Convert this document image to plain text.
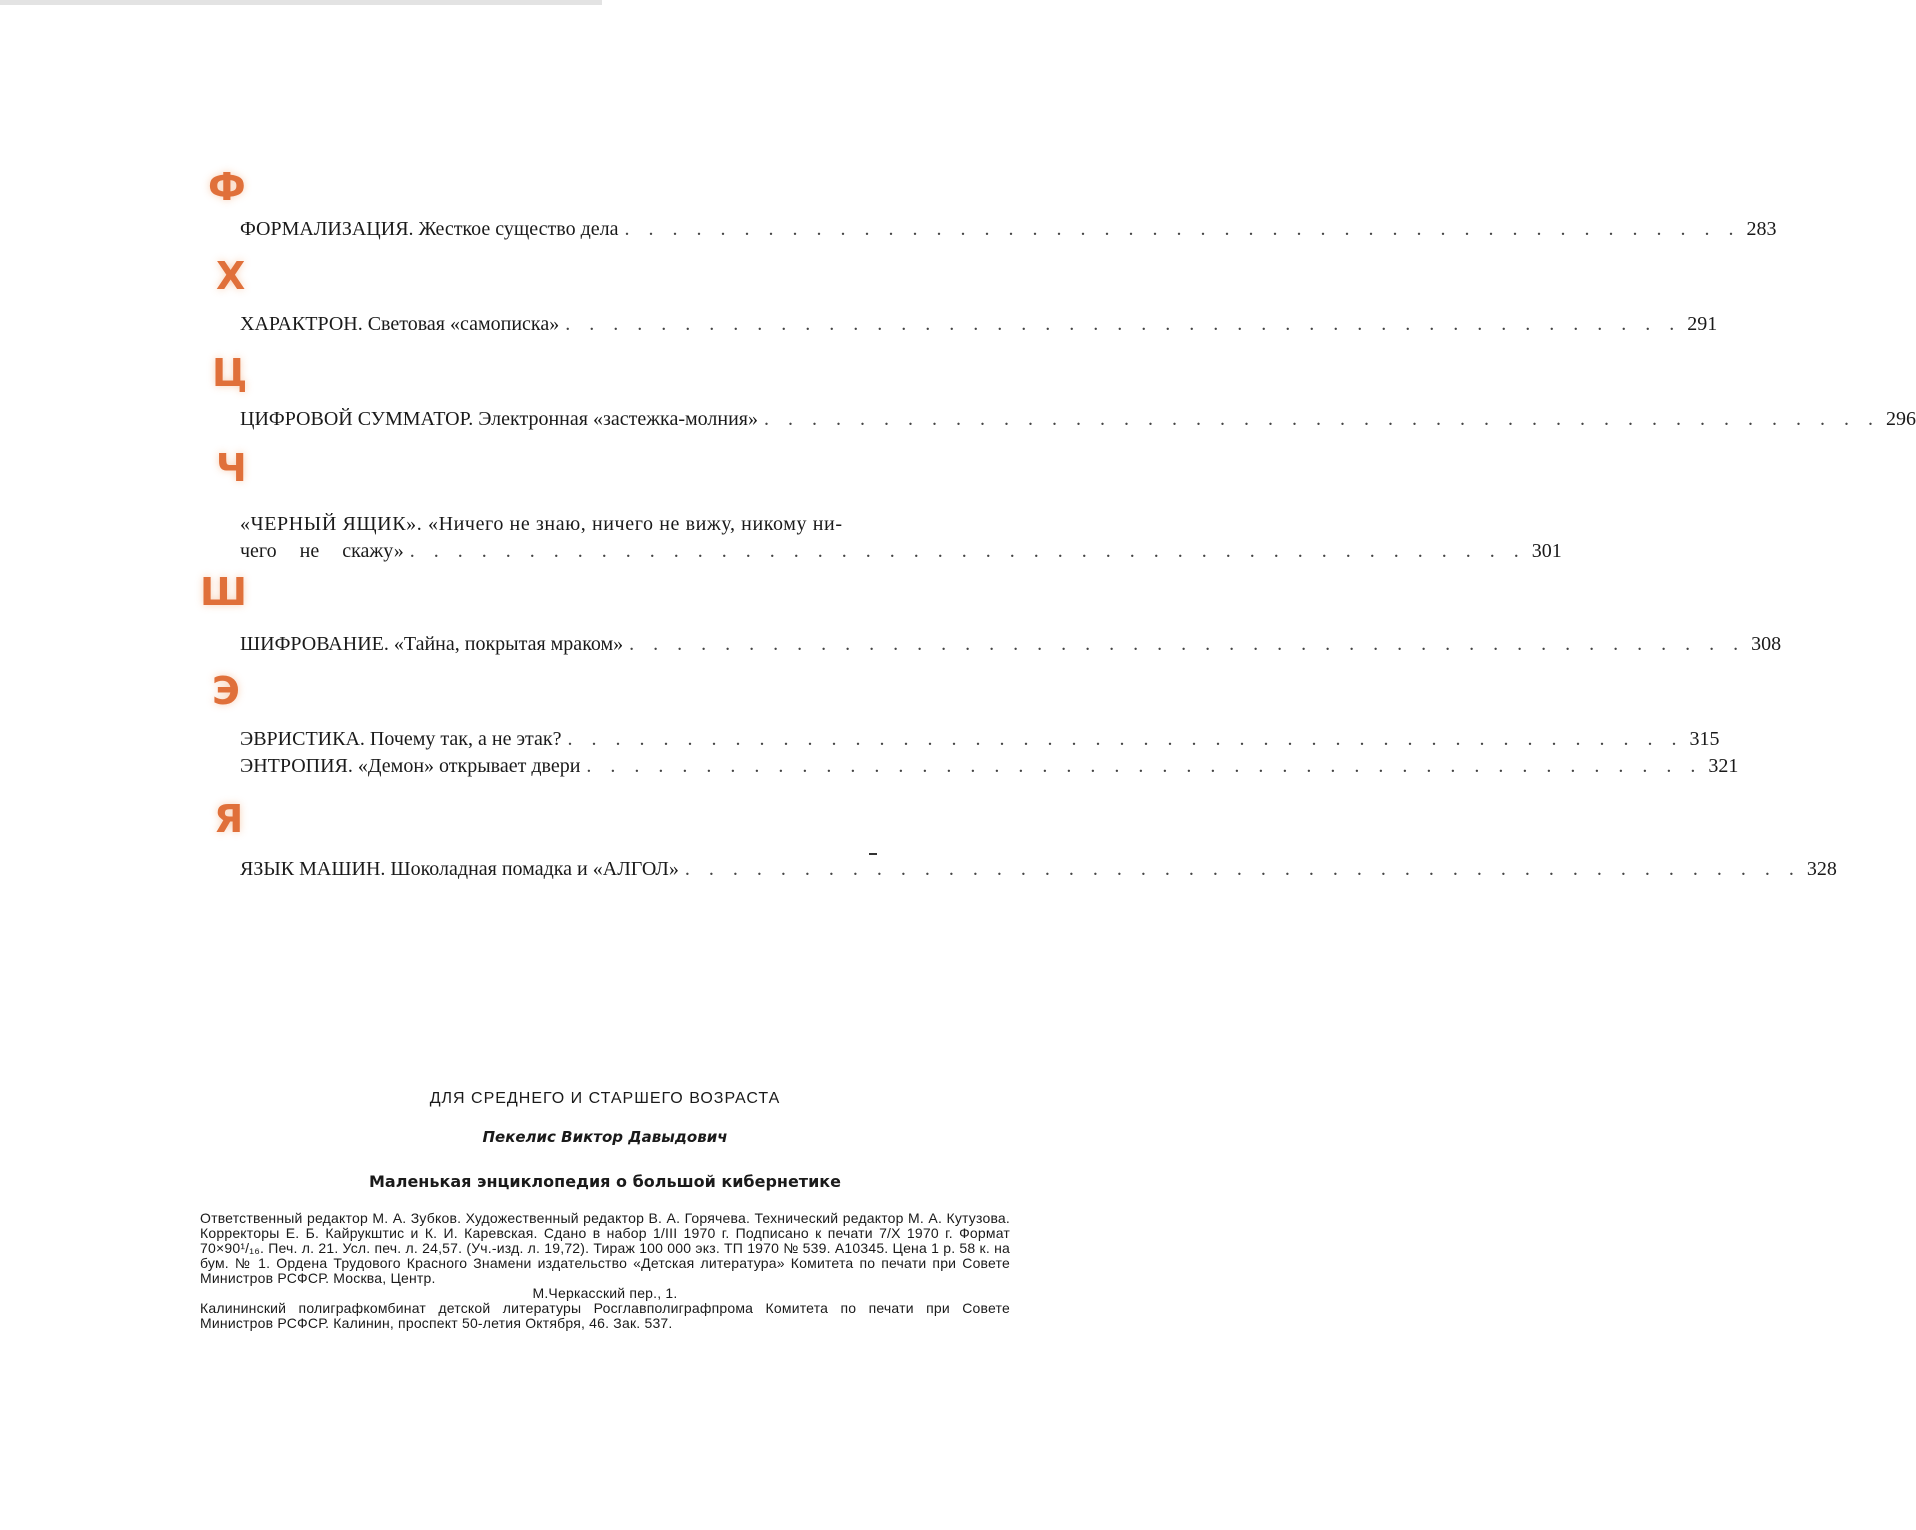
Ф
ФОРМАЛИЗАЦИЯ. Жесткое существо дела . . . . . . . . . . . . . . . . . . . . . . . . . . . . . . . . . . . . . . . . . . . . . . . 283
Х
ХАРАКТРОН. Световая «самописка» . . . . . . . . . . . . . . . . . . . . . . . . . . . . . . . . . . . . . . . . . . . . . . . 291
Ц
ЦИФРОВОЙ СУММАТОР. Электронная «застежка-молния» . . . . . . . . . . . . . . . . . . . . . . . . . . . . . . . . . . . . . . . . . . . . . . . 296
Ч
«ЧЕРНЫЙ ЯЩИК». «Ничего не знаю, ничего не вижу, никому ни-
чего не скажу» . . . . . . . . . . . . . . . . . . . . . . . . . . . . . . . . . . . . . . . . . . . . . . . 301
Ш
ШИФРОВАНИЕ. «Тайна, покрытая мраком» . . . . . . . . . . . . . . . . . . . . . . . . . . . . . . . . . . . . . . . . . . . . . . . 308
Э
ЭВРИСТИКА. Почему так, а не этак? . . . . . . . . . . . . . . . . . . . . . . . . . . . . . . . . . . . . . . . . . . . . . . . 315
ЭНТРОПИЯ. «Демон» открывает двери . . . . . . . . . . . . . . . . . . . . . . . . . . . . . . . . . . . . . . . . . . . . . . . 321
Я
ЯЗЫК МАШИН. Шоколадная помадка и «АЛГОЛ» . . . . . . . . . . . . . . . . . . . . . . . . . . . . . . . . . . . . . . . . . . . . . . . 328

ДЛЯ СРЕДНЕГО И СТАРШЕГО ВОЗРАСТА

Пекелис Виктор Давыдович
Маленькая энциклопедия о большой кибернетике

Ответственный редактор М. А. Зубков. Художественный редактор В. А. Горячева. Технический редактор М. А. Кутузова. Корректоры Е. Б. Кайрукштис и К. И. Каревская. Сдано в набор 1/III 1970 г. Подписано к печати 7/X 1970 г. Формат 70×90¹/₁₆. Печ. л. 21. Усл. печ. л. 24,57. (Уч.-изд. л. 19,72). Тираж 100 000 экз. ТП 1970 № 539. А10345. Цена 1 р. 58 к. на бум. № 1. Ордена Трудового Красного Знамени издательство «Детская литература» Комитета по печати при Совете Министров РСФСР. Москва, Центр.

М.Черкасский пер., 1.

Калининский полиграфкомбинат детской литературы Росглавполиграфпрома Комитета по печати при Совете Министров РСФСР. Калинин, проспект 50-летия Октября, 46. Зак. 537.
